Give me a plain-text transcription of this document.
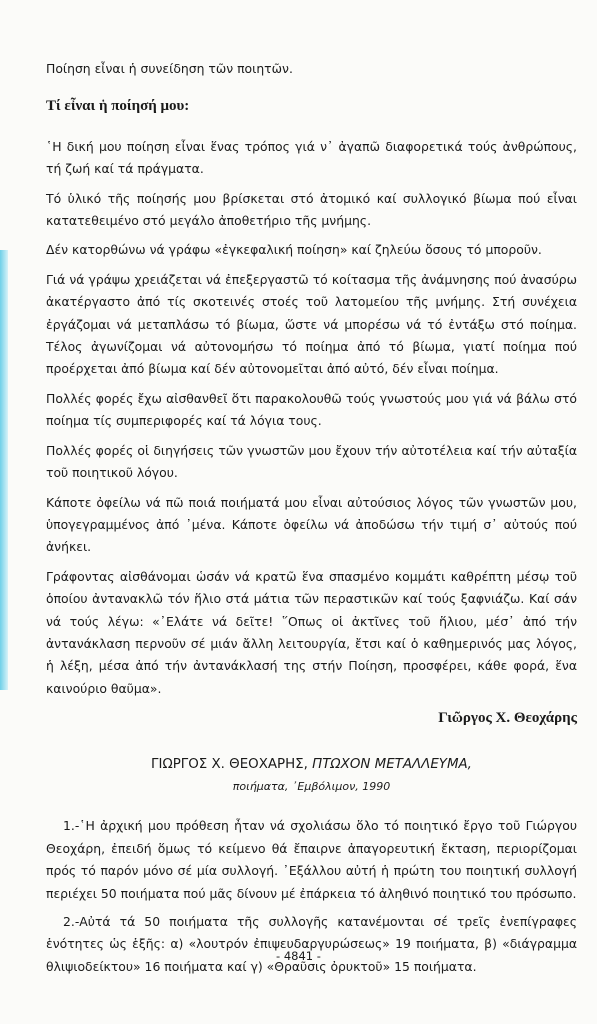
Ποίηση εἶναι ἡ συνείδηση τῶν ποιητῶν.

Τί εἶναι ἡ ποίησή μου:

῾Η δική μου ποίηση εἶναι ἕνας τρόπος γιά ν᾽ ἀγαπῶ διαφορετικά τούς ἀνθρώπους, τή ζωή καί τά πράγματα.

Τό ὑλικό τῆς ποίησής μου βρίσκεται στό ἀτομικό καί συλλογικό βίωμα πού εἶναι κατατεθειμένο στό μεγάλο ἀποθετήριο τῆς μνήμης.

Δέν κατορθώνω νά γράφω «ἐγκεφαλική ποίηση» καί ζηλεύω ὅσους τό μποροῦν.

Γιά νά γράψω χρειάζεται νά ἐπεξεργαστῶ τό κοίτασμα τῆς ἀνάμνησης πού ἀνασύρω ἀκατέργαστο ἀπό τίς σκοτεινές στοές τοῦ λατομείου τῆς μνήμης. Στή συνέχεια ἐργάζομαι νά μεταπλάσω τό βίωμα, ὥστε νά μπορέσω νά τό ἐντάξω στό ποίημα. Τέλος ἀγωνίζομαι νά αὐτονομήσω τό ποίημα ἀπό τό βίωμα, γιατί ποίημα πού προέρχεται ἀπό βίωμα καί δέν αὐτονομεῖται ἀπό αὐτό, δέν εἶναι ποίημα.

Πολλές φορές ἔχω αἰσθανθεῖ ὅτι παρακολουθῶ τούς γνωστούς μου γιά νά βάλω στό ποίημα τίς συμπεριφορές καί τά λόγια τους.

Πολλές φορές οἱ διηγήσεις τῶν γνωστῶν μου ἔχουν τήν αὐτοτέλεια καί τήν αὐταξία τοῦ ποιητικοῦ λόγου.

Κάποτε ὀφείλω νά πῶ ποιά ποιήματά μου εἶναι αὐτούσιος λόγος τῶν γνωστῶν μου, ὑπογεγραμμένος ἀπό ᾽μένα. Κάποτε ὀφείλω νά ἀποδώσω τήν τιμή σ᾽ αὐτούς πού ἀνήκει.

Γράφοντας αἰσθάνομαι ὡσάν νά κρατῶ ἕνα σπασμένο κομμάτι καθρέπτη μέσῳ τοῦ ὁποίου ἀντανακλῶ τόν ἥλιο στά μάτια τῶν περαστικῶν καί τούς ξαφνιάζω. Καί σάν νά τούς λέγω: «᾽Ελάτε νά δεῖτε! ῞Οπως οἱ ἀκτῖνες τοῦ ἥλιου, μέσ᾽ ἀπό τήν ἀντανάκλαση περνοῦν σέ μιάν ἄλλη λειτουργία, ἔτσι καί ὁ καθημερινός μας λόγος, ἡ λέξη, μέσα ἀπό τήν ἀντανάκλασή της στήν Ποίηση, προσφέρει, κάθε φορά, ἕνα καινούριο θαῦμα».

Γιῶργος Χ. Θεοχάρης

ΓΙΩΡΓΟΣ Χ. ΘΕΟΧΑΡΗΣ, ΠΤΩΧΟΝ ΜΕΤΑΛΛΕΥΜΑ,

ποιήματα, ᾽Εμβόλιμον, 1990

1.-῾Η ἀρχική μου πρόθεση ἦταν νά σχολιάσω ὅλο τό ποιητικό ἔργο τοῦ Γιώργου Θεοχάρη, ἐπειδή ὅμως τό κείμενο θά ἔπαιρνε ἀπαγορευτική ἔκταση, περιορίζομαι πρός τό παρόν μόνο σέ μία συλλογή. ᾽Εξάλλου αὐτή ἡ πρώτη του ποιητική συλλογή περιέχει 50 ποιήματα πού μᾶς δίνουν μέ ἐπάρκεια τό ἀληθινό ποιητικό του πρόσωπο.

2.-Αὐτά τά 50 ποιήματα τῆς συλλογῆς κατανέμονται σέ τρεῖς ἐνεπίγραφες ἑνότητες ὡς ἑξῆς: α) «λουτρόν ἐπιψευδαργυρώσεως» 19 ποιήματα, β) «διάγραμμα θλιψιοδείκτου» 16 ποιήματα καί γ) «Θραῦσις ὀρυκτοῦ» 15 ποιήματα.

- 4841 -
